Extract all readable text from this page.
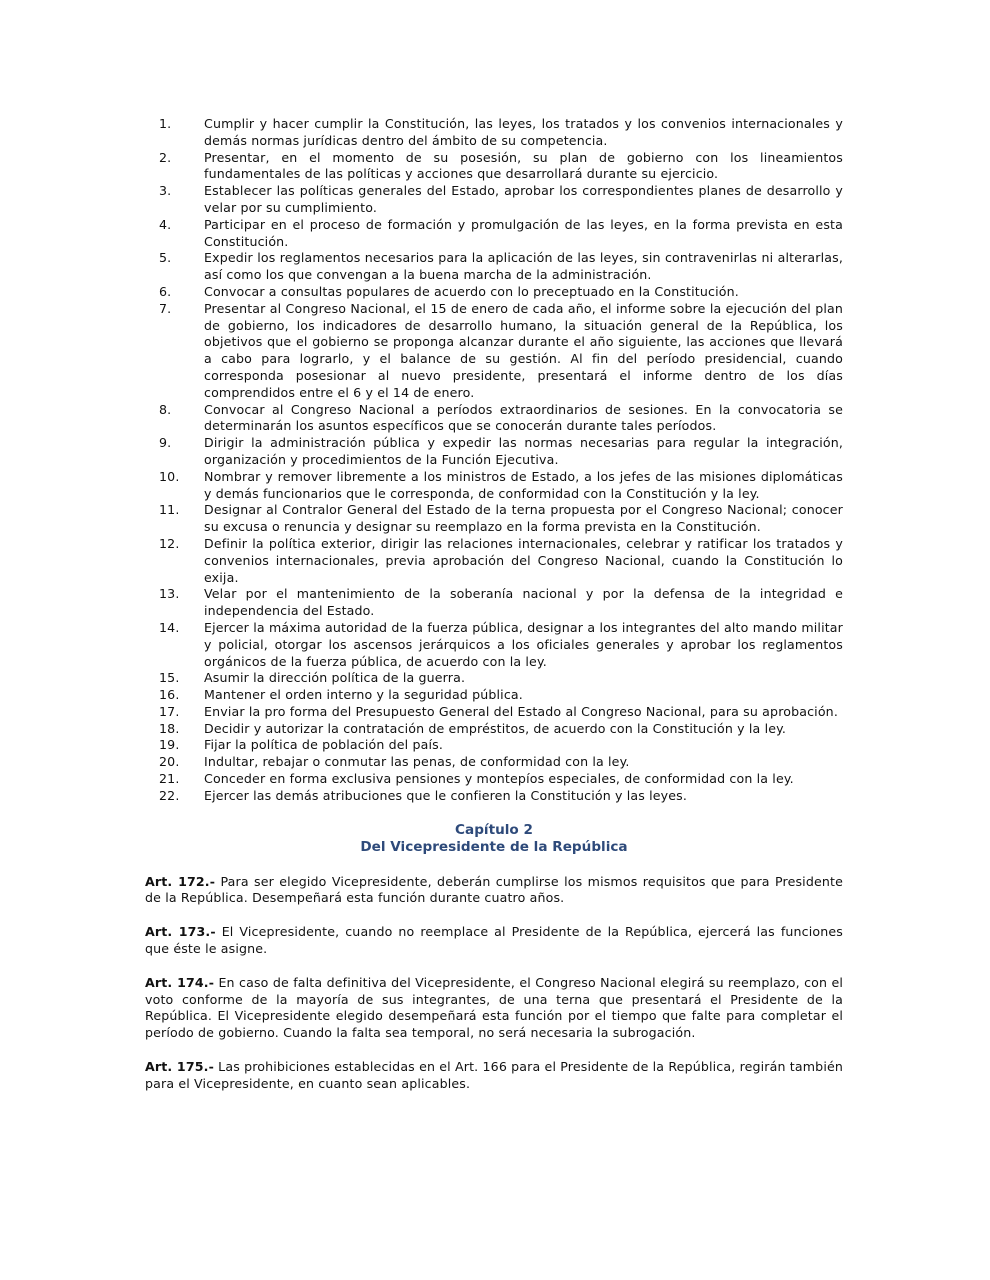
1.	Cumplir y hacer cumplir la Constitución, las leyes, los tratados y los convenios internacionales y demás normas jurídicas dentro del ámbito de su competencia.
2.	Presentar, en el momento de su posesión, su plan de gobierno con los lineamientos fundamentales de las políticas y acciones que desarrollará durante su ejercicio.
3.	Establecer las políticas generales del Estado, aprobar los correspondientes planes de desarrollo y velar por su cumplimiento.
4.	Participar en el proceso de formación y promulgación de las leyes, en la forma prevista en esta Constitución.
5.	Expedir los reglamentos necesarios para la aplicación de las leyes, sin contravenirlas ni alterarlas, así como los que convengan a la buena marcha de la administración.
6.	Convocar a consultas populares de acuerdo con lo preceptuado en la Constitución.
7.	Presentar al Congreso Nacional, el 15 de enero de cada año, el informe sobre la ejecución del plan de gobierno, los indicadores de desarrollo humano, la situación general de la República, los objetivos que el gobierno se proponga alcanzar durante el año siguiente, las acciones que llevará a cabo para lograrlo, y el balance de su gestión. Al fin del período presidencial, cuando corresponda posesionar al nuevo presidente, presentará el informe dentro de los días comprendidos entre el 6 y el 14 de enero.
8.	Convocar al Congreso Nacional a períodos extraordinarios de sesiones. En la convocatoria se determinarán los asuntos específicos que se conocerán durante tales períodos.
9.	Dirigir la administración pública y expedir las normas necesarias para regular la integración, organización y procedimientos de la Función Ejecutiva.
10.	Nombrar y remover libremente a los ministros de Estado, a los jefes de las misiones diplomáticas y demás funcionarios que le corresponda, de conformidad con la Constitución y la ley.
11.	Designar al Contralor General del Estado de la terna propuesta por el Congreso Nacional; conocer su excusa o renuncia y designar su reemplazo en la forma prevista en la Constitución.
12.	Definir la política exterior, dirigir las relaciones internacionales, celebrar y ratificar los tratados y convenios internacionales, previa aprobación del Congreso Nacional, cuando la Constitución lo exija.
13.	Velar por el mantenimiento de la soberanía nacional y por la defensa de la integridad e independencia del Estado.
14.	Ejercer la máxima autoridad de la fuerza pública, designar a los integrantes del alto mando militar y policial, otorgar los ascensos jerárquicos a los oficiales generales y aprobar los reglamentos orgánicos de la fuerza pública, de acuerdo con la ley.
15.	Asumir la dirección política de la guerra.
16.	Mantener el orden interno y la seguridad pública.
17.	Enviar la pro forma del Presupuesto General del Estado al Congreso Nacional, para su aprobación.
18.	Decidir y autorizar la contratación de empréstitos, de acuerdo con la Constitución y la ley.
19.	Fijar la política de población del país.
20.	Indultar, rebajar o conmutar las penas, de conformidad con la ley.
21.	Conceder en forma exclusiva pensiones y montepíos especiales, de conformidad con la ley.
22.	Ejercer las demás atribuciones que le confieren la Constitución y las leyes.
Capítulo 2
Del Vicepresidente de la República

Art. 172.- Para ser elegido Vicepresidente, deberán cumplirse los mismos requisitos que para Presidente de la República. Desempeñará esta función durante cuatro años.

Art. 173.- El Vicepresidente, cuando no reemplace al Presidente de la República, ejercerá las funciones que éste le asigne.

Art. 174.- En caso de falta definitiva del Vicepresidente, el Congreso Nacional elegirá su reemplazo, con el voto conforme de la mayoría de sus integrantes, de una terna que presentará el Presidente de la República. El Vicepresidente elegido desempeñará esta función por el tiempo que falte para completar el período de gobierno. Cuando la falta sea temporal, no será necesaria la subrogación.

Art. 175.- Las prohibiciones establecidas en el Art. 166 para el Presidente de la República, regirán también para el Vicepresidente, en cuanto sean aplicables.
